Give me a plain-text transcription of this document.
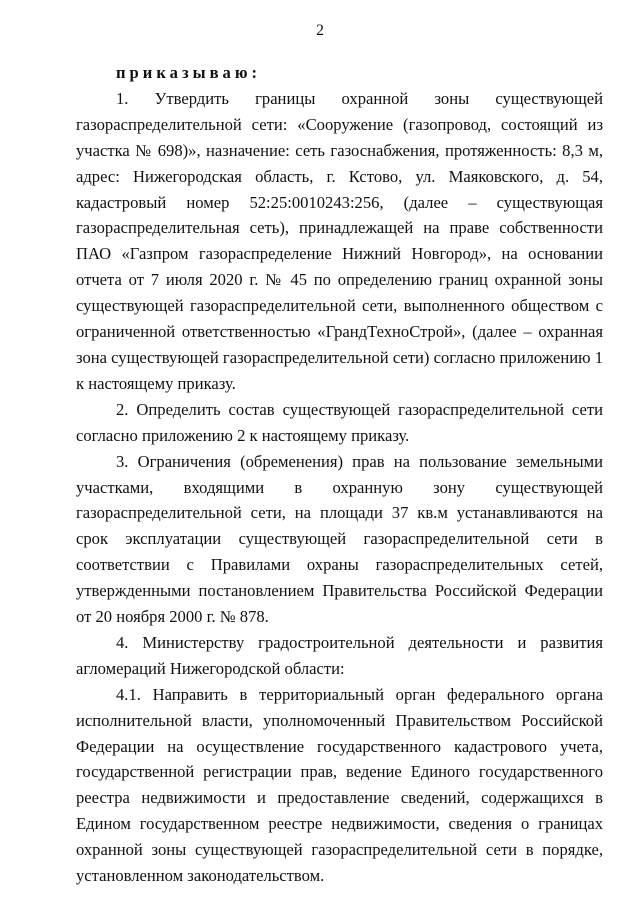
2

приказываю:

1. Утвердить границы охранной зоны существующей газораспределительной сети: «Сооружение (газопровод, состоящий из участка № 698)», назначение: сеть газоснабжения, протяженность: 8,3 м, адрес: Нижегородская область, г. Кстово, ул. Маяковского, д. 54, кадастровый номер 52:25:0010243:256, (далее – существующая газораспределительная сеть), принадлежащей на праве собственности ПАО «Газпром газораспределение Нижний Новгород», на основании отчета от 7 июля 2020 г. № 45 по определению границ охранной зоны существующей газораспределительной сети, выполненного обществом с ограниченной ответственностью «ГрандТехноСтрой», (далее – охранная зона существующей газораспределительной сети) согласно приложению 1 к настоящему приказу.

2. Определить состав существующей газораспределительной сети согласно приложению 2 к настоящему приказу.

3. Ограничения (обременения) прав на пользование земельными участками, входящими в охранную зону существующей газораспределительной сети, на площади 37 кв.м устанавливаются на срок эксплуатации существующей газораспределительной сети в соответствии с Правилами охраны газораспределительных сетей, утвержденными постановлением Правительства Российской Федерации от 20 ноября 2000 г. № 878.

4. Министерству градостроительной деятельности и развития агломераций Нижегородской области:

4.1. Направить в территориальный орган федерального органа исполнительной власти, уполномоченный Правительством Российской Федерации на осуществление государственного кадастрового учета, государственной регистрации прав, ведение Единого государственного реестра недвижимости и предоставление сведений, содержащихся в Едином государственном реестре недвижимости, сведения о границах охранной зоны существующей газораспределительной сети в порядке, установленном законодательством.
